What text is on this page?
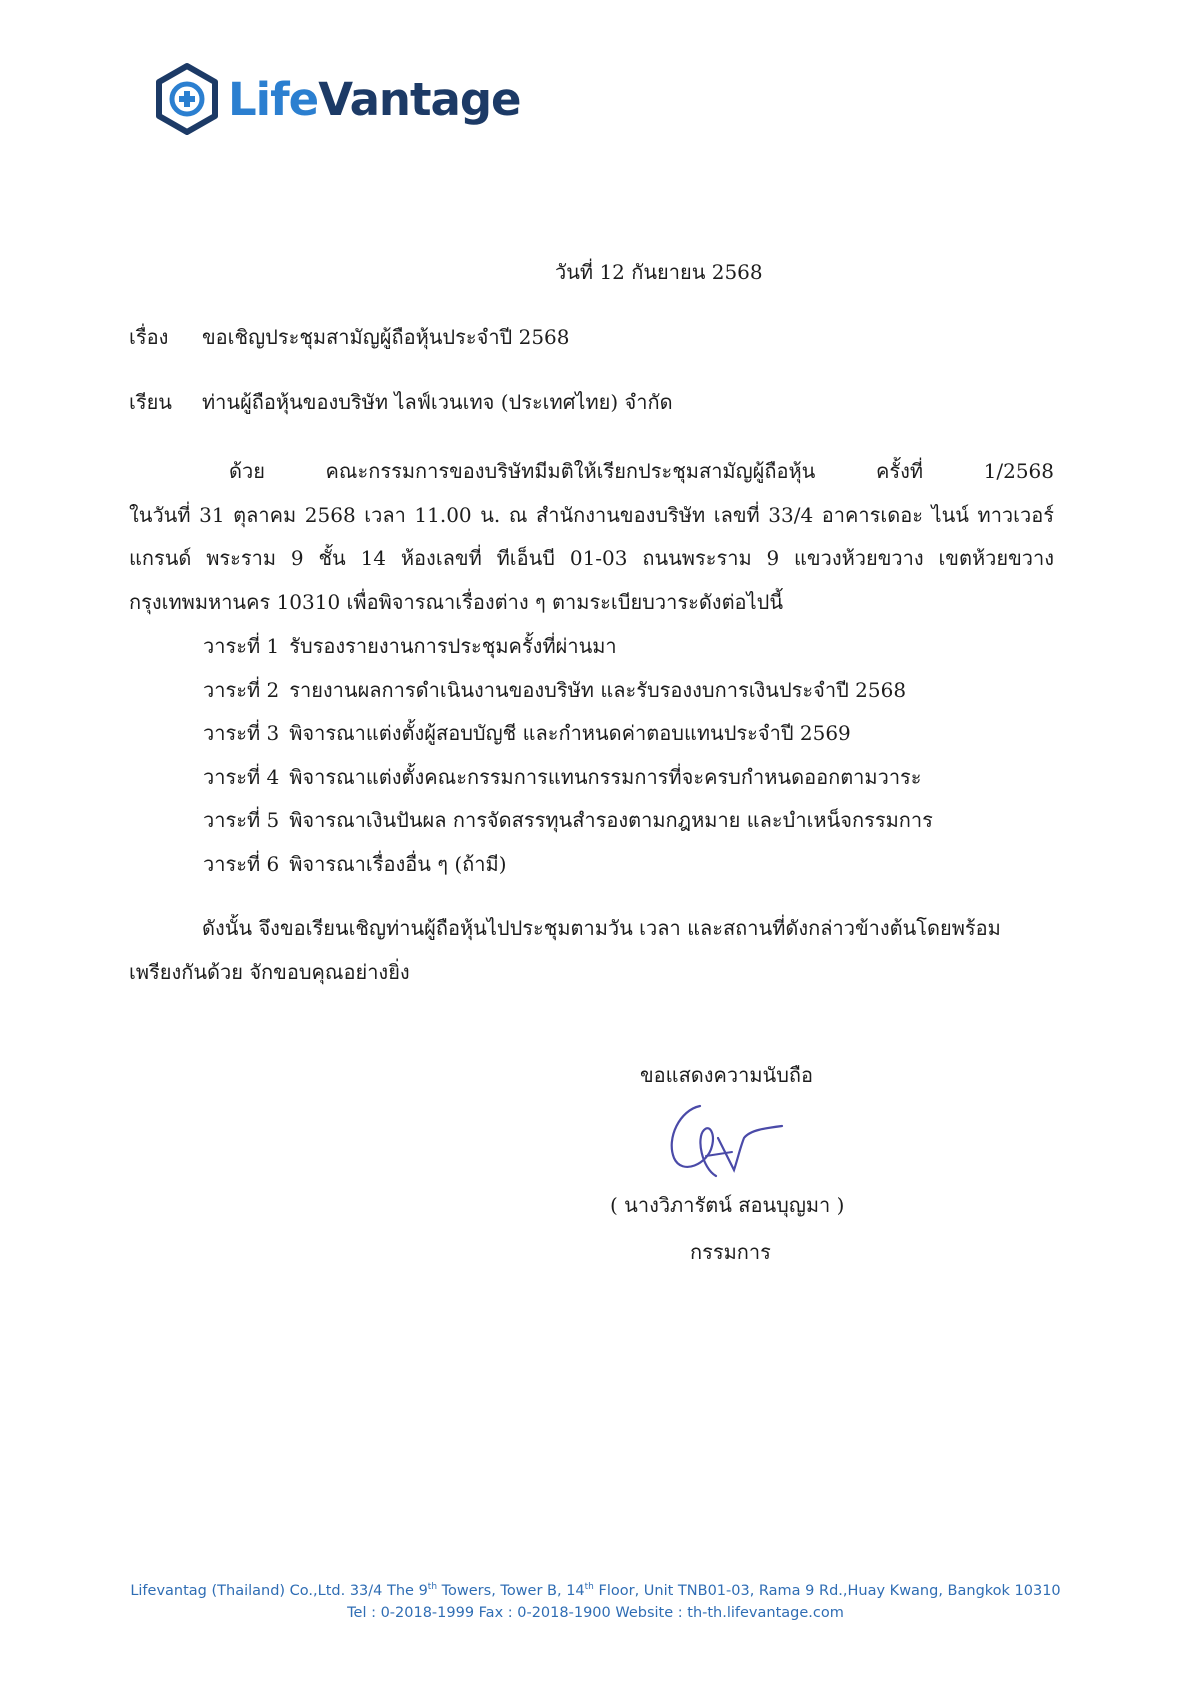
LifeVantage
วันที่ 12 กันยายน 2568
เรื่อง ขอเชิญประชุมสามัญผู้ถือหุ้นประจำปี 2568
เรียน ท่านผู้ถือหุ้นของบริษัท ไลฟ์เวนเทจ (ประเทศไทย) จำกัด
ด้วย คณะกรรมการของบริษัทมีมติให้เรียกประชุมสามัญผู้ถือหุ้น ครั้งที่ 1/2568
ในวันที่ 31 ตุลาคม 2568 เวลา 11.00 น. ณ สำนักงานของบริษัท เลขที่ 33/4 อาคารเดอะ ไนน์ ทาวเวอร์
แกรนด์ พระราม 9 ชั้น 14 ห้องเลขที่ ทีเอ็นบี 01-03 ถนนพระราม 9 แขวงห้วยขวาง เขตห้วยขวาง
กรุงเทพมหานคร 10310 เพื่อพิจารณาเรื่องต่าง ๆ ตามระเบียบวาระดังต่อไปนี้
วาระที่ 1 รับรองรายงานการประชุมครั้งที่ผ่านมา
วาระที่ 2 รายงานผลการดำเนินงานของบริษัท และรับรองงบการเงินประจำปี 2568
วาระที่ 3 พิจารณาแต่งตั้งผู้สอบบัญชี และกำหนดค่าตอบแทนประจำปี 2569
วาระที่ 4 พิจารณาแต่งตั้งคณะกรรมการแทนกรรมการที่จะครบกำหนดออกตามวาระ
วาระที่ 5 พิจารณาเงินปันผล การจัดสรรทุนสำรองตามกฎหมาย และบำเหน็จกรรมการ
วาระที่ 6 พิจารณาเรื่องอื่น ๆ (ถ้ามี)
ดังนั้น จึงขอเรียนเชิญท่านผู้ถือหุ้นไปประชุมตามวัน เวลา และสถานที่ดังกล่าวข้างต้นโดยพร้อม
เพรียงกันด้วย จักขอบคุณอย่างยิ่ง
ขอแสดงความนับถือ
( นางวิภารัตน์ สอนบุญมา )
กรรมการ
Lifevantag (Thailand) Co.,Ltd. 33/4 The 9th Towers, Tower B, 14th Floor, Unit TNB01-03, Rama 9 Rd.,Huay Kwang, Bangkok 10310
Tel : 0-2018-1999 Fax : 0-2018-1900 Website : th-th.lifevantage.com
